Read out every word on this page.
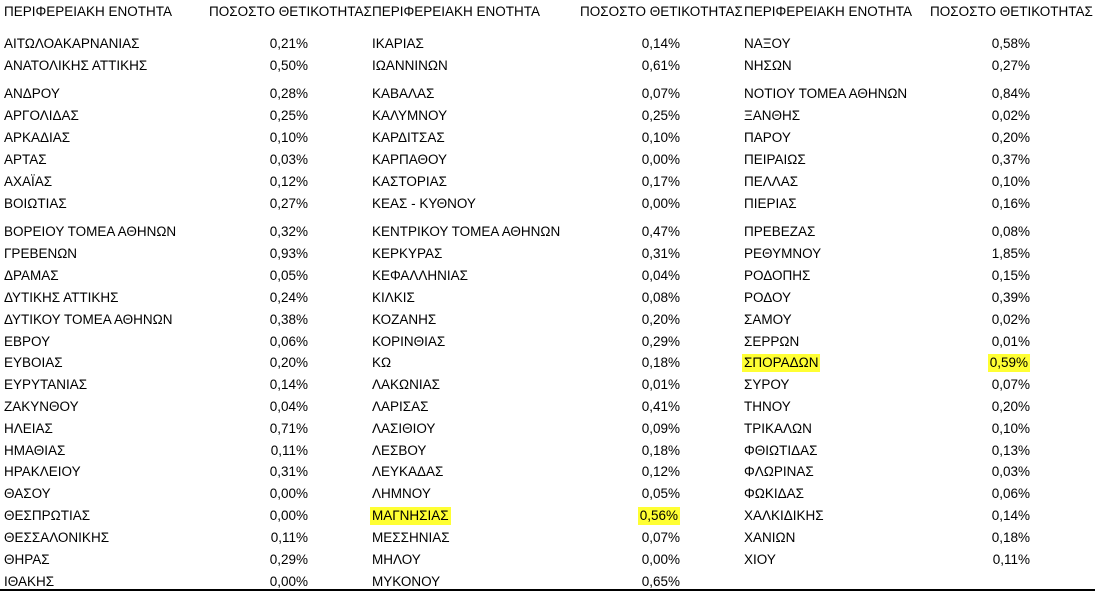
ΠΕΡΙΦΕΡΕΙΑΚΗ ΕΝΟΤΗΤΑ	ΠΟΣΟΣΤΟ ΘΕΤΙΚΟΤΗΤΑΣ
ΑΙΤΩΛΟΑΚΑΡΝΑΝΙΑΣ	0,21%
ΑΝΑΤΟΛΙΚΗΣ ΑΤΤΙΚΗΣ	0,50%
ΑΝΔΡΟΥ	0,28%
ΑΡΓΟΛΙΔΑΣ	0,25%
ΑΡΚΑΔΙΑΣ	0,10%
ΑΡΤΑΣ	0,03%
ΑΧΑΪΑΣ	0,12%
ΒΟΙΩΤΙΑΣ	0,27%
ΒΟΡΕΙΟΥ ΤΟΜΕΑ ΑΘΗΝΩΝ	0,32%
ΓΡΕΒΕΝΩΝ	0,93%
ΔΡΑΜΑΣ	0,05%
ΔΥΤΙΚΗΣ ΑΤΤΙΚΗΣ	0,24%
ΔΥΤΙΚΟΥ ΤΟΜΕΑ ΑΘΗΝΩΝ	0,38%
ΕΒΡΟΥ	0,06%
ΕΥΒΟΙΑΣ	0,20%
ΕΥΡΥΤΑΝΙΑΣ	0,14%
ΖΑΚΥΝΘΟΥ	0,04%
ΗΛΕΙΑΣ	0,71%
ΗΜΑΘΙΑΣ	0,11%
ΗΡΑΚΛΕΙΟΥ	0,31%
ΘΑΣΟΥ	0,00%
ΘΕΣΠΡΩΤΙΑΣ	0,00%
ΘΕΣΣΑΛΟΝΙΚΗΣ	0,11%
ΘΗΡΑΣ	0,29%
ΙΘΑΚΗΣ	0,00%
ΠΕΡΙΦΕΡΕΙΑΚΗ ΕΝΟΤΗΤΑ	ΠΟΣΟΣΤΟ ΘΕΤΙΚΟΤΗΤΑΣ
ΙΚΑΡΙΑΣ	0,14%
ΙΩΑΝΝΙΝΩΝ	0,61%
ΚΑΒΑΛΑΣ	0,07%
ΚΑΛΥΜΝΟΥ	0,25%
ΚΑΡΔΙΤΣΑΣ	0,10%
ΚΑΡΠΑΘΟΥ	0,00%
ΚΑΣΤΟΡΙΑΣ	0,17%
ΚΕΑΣ - ΚΥΘΝΟΥ	0,00%
ΚΕΝΤΡΙΚΟΥ ΤΟΜΕΑ ΑΘΗΝΩΝ	0,47%
ΚΕΡΚΥΡΑΣ	0,31%
ΚΕΦΑΛΛΗΝΙΑΣ	0,04%
ΚΙΛΚΙΣ	0,08%
ΚΟΖΑΝΗΣ	0,20%
ΚΟΡΙΝΘΙΑΣ	0,29%
ΚΩ	0,18%
ΛΑΚΩΝΙΑΣ	0,01%
ΛΑΡΙΣΑΣ	0,41%
ΛΑΣΙΘΙΟΥ	0,09%
ΛΕΣΒΟΥ	0,18%
ΛΕΥΚΑΔΑΣ	0,12%
ΛΗΜΝΟΥ	0,05%
ΜΑΓΝΗΣΙΑΣ	0,56%
ΜΕΣΣΗΝΙΑΣ	0,07%
ΜΗΛΟΥ	0,00%
ΜΥΚΟΝΟΥ	0,65%
ΠΕΡΙΦΕΡΕΙΑΚΗ ΕΝΟΤΗΤΑ ΠΟΣΟΣΤΟ ΘΕΤΙΚΟΤΗΤΑΣ
ΝΑΞΟΥ	0,58%
ΝΗΣΩΝ	0,27%
ΝΟΤΙΟΥ ΤΟΜΕΑ ΑΘΗΝΩΝ	0,84%
ΞΑΝΘΗΣ	0,02%
ΠΑΡΟΥ	0,20%
ΠΕΙΡΑΙΩΣ	0,37%
ΠΕΛΛΑΣ	0,10%
ΠΙΕΡΙΑΣ	0,16%
ΠΡΕΒΕΖΑΣ	0,08%
ΡΕΘΥΜΝΟΥ	1,85%
ΡΟΔΟΠΗΣ	0,15%
ΡΟΔΟΥ	0,39%
ΣΑΜΟΥ	0,02%
ΣΕΡΡΩΝ	0,01%
ΣΠΟΡΑΔΩΝ	0,59%
ΣΥΡΟΥ	0,07%
ΤΗΝΟΥ	0,20%
ΤΡΙΚΑΛΩΝ	0,10%
ΦΘΙΩΤΙΔΑΣ	0,13%
ΦΛΩΡΙΝΑΣ	0,03%
ΦΩΚΙΔΑΣ	0,06%
ΧΑΛΚΙΔΙΚΗΣ	0,14%
ΧΑΝΙΩΝ	0,18%
ΧΙΟΥ	0,11%
